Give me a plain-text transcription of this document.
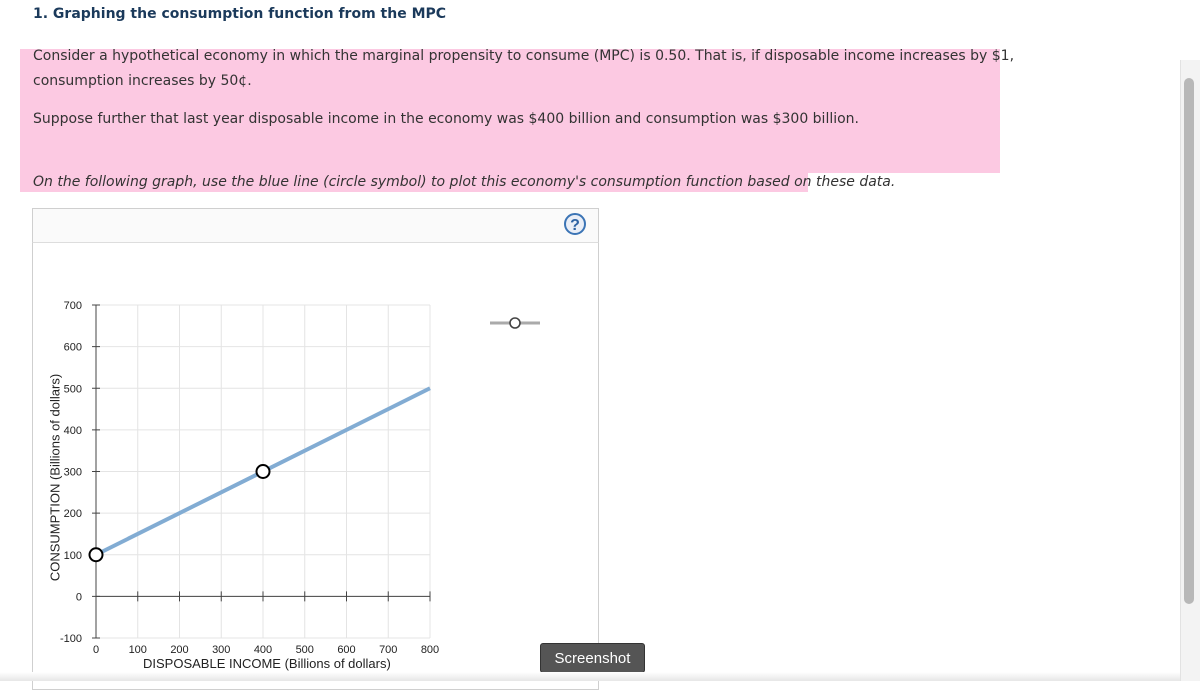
1. Graphing the consumption function from the MPC
Consider a hypothetical economy in which the marginal propensity to consume (MPC) is 0.50. That is, if disposable income increases by $1,
consumption increases by 50¢.
Suppose further that last year disposable income in the economy was $400 billion and consumption was $300 billion.
On the following graph, use the blue line (circle symbol) to plot this economy's consumption function based on these data.
?
700
600
500
400
300
200
100
0
-100
0	100 200 300 400 500 600 700 800
CONSUMPTION (Billions of dollars)
DISPOSABLE INCOME (Billions of dollars)	Screenshot
